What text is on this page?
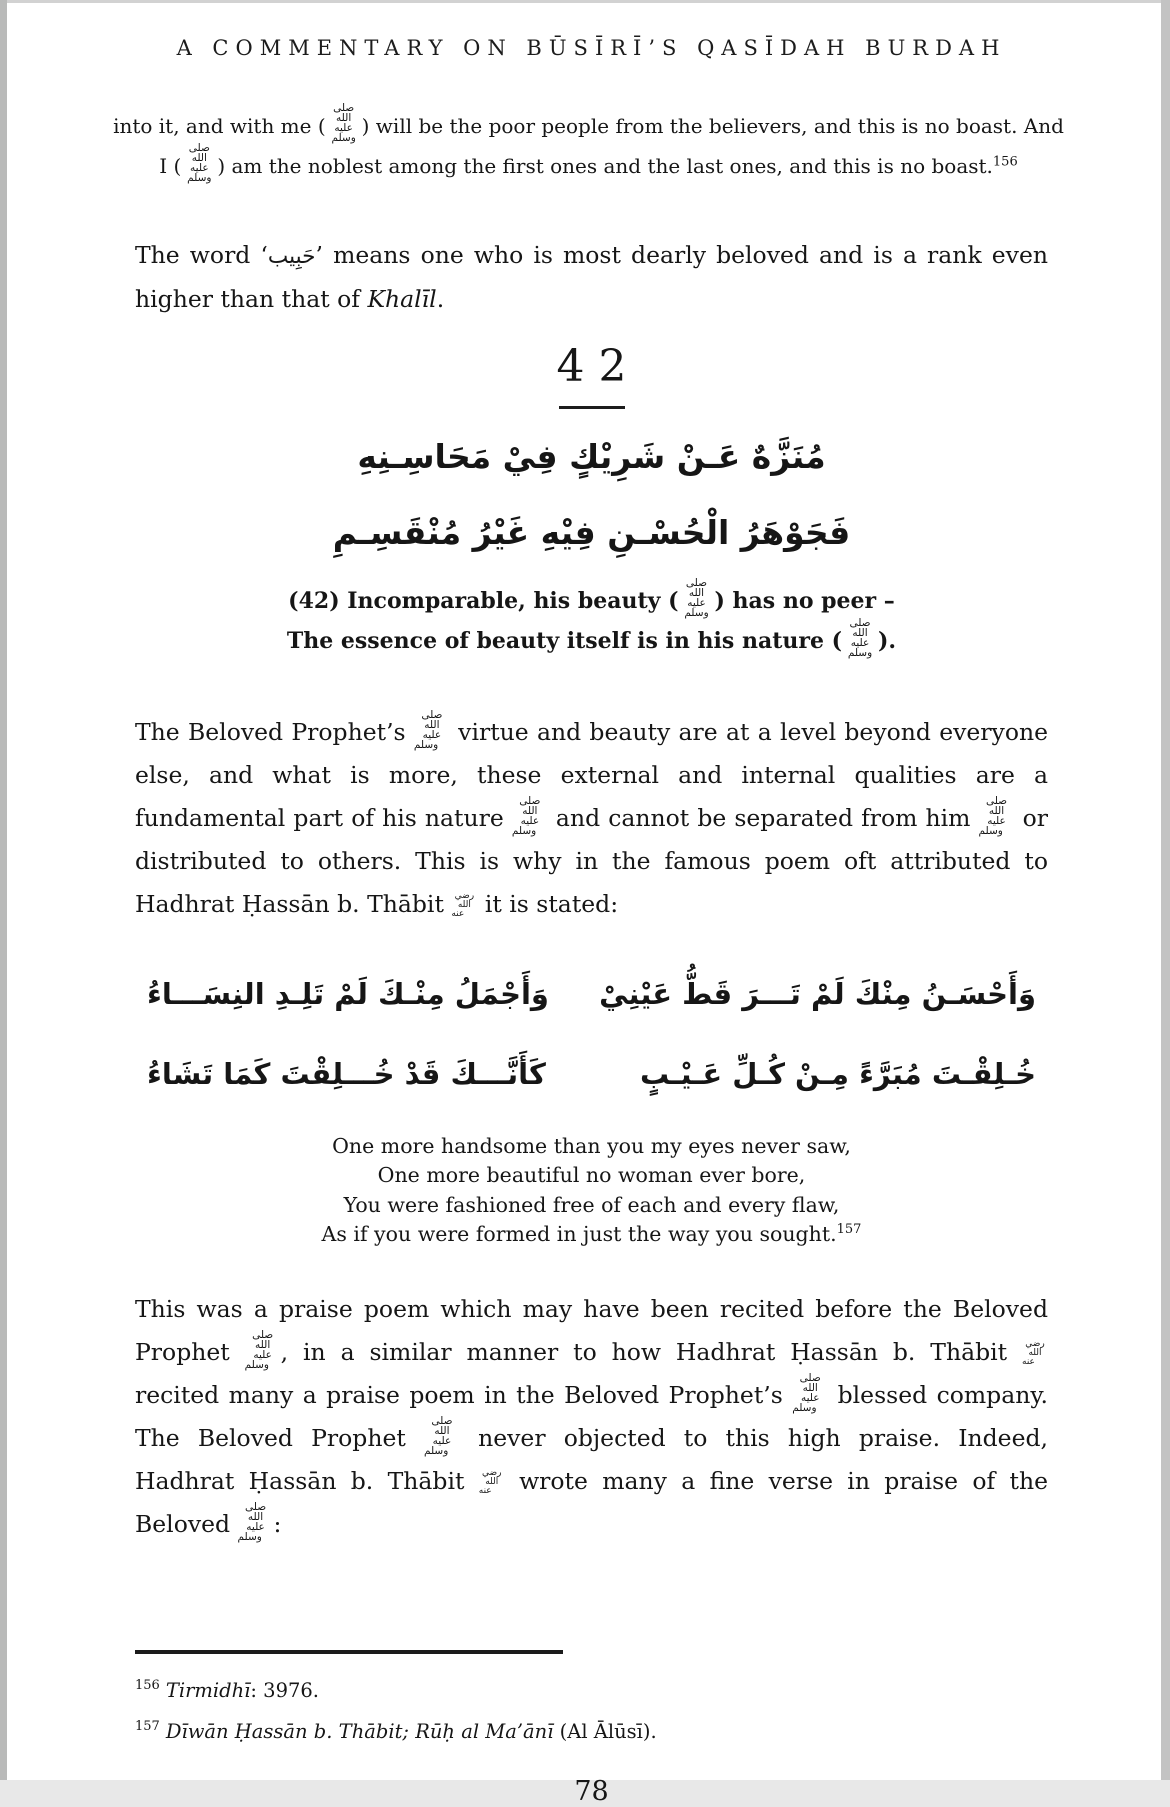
A COMMENTARY ON BŪSĪRĪ’S QASĪDAH BURDAH

into it, and with me (صلى الله عليه وسلم ) will be the poor people from the believers, and this is no boast. And I (صلى الله عليه وسلم ) am the noblest among the first ones and the last ones, and this is no boast.$^{156}$

The word ‘حَبِيب’ means one who is most dearly beloved and is a rank even higher than that of Khalīl.

42
مُنَزَّهٌ عَـنْ شَرِيْكٍ فِيْ مَحَاسِـنِهِ
فَجَوْهَرُ الْحُسْـنِ فِيْهِ غَيْرُ مُنْقَسِـمِ
(42) Incomparable, his beauty (صلى الله عليه وسلم ) has no peer –
The essence of beauty itself is in his nature (صلى الله عليه وسلم ).

The Beloved Prophet’s صلى الله عليه وسلم virtue and beauty are at a level beyond everyone else, and what is more, these external and internal qualities are a fundamental part of his nature صلى الله عليه وسلم and cannot be separated from him صلى الله عليه وسلم or distributed to others. This is why in the famous poem oft attributed to Hadhrat Ḥassān b. Thābit رضي الله عنه it is stated:

وَأَحْسَـنُ مِنْكَ لَمْ تَـــرَ قَطُّ عَيْنِيْ
وَأَجْمَلُ مِنْـكَ لَمْ تَلِـدِ النِسَـــاءُ
خُـلِقْـتَ مُبَرَّءً مِـنْ كُـلِّ عَـيْـبٍ
كَأَنَّـــكَ قَدْ خُـــلِقْتَ كَمَا تَشَاءُ
One more handsome than you my eyes never saw,
One more beautiful no woman ever bore,
You were fashioned free of each and every flaw,
As if you were formed in just the way you sought.$^{157}$

This was a praise poem which may have been recited before the Beloved Prophet صلى الله عليه وسلم , in a similar manner to how Hadhrat Ḥassān b. Thābit رضي الله عنه recited many a praise poem in the Beloved Prophet’s صلى الله عليه وسلم blessed company. The Beloved Prophet صلى الله عليه وسلم never objected to this high praise. Indeed, Hadhrat Ḥassān b. Thābit رضي الله عنه wrote many a fine verse in praise of the Beloved صلى الله عليه وسلم :

$^{156}$ Tirmidhī: 3976.
$^{157}$ Dīwān Ḥassān b. Thābit; Rūḥ al Ma’ānī (Al Ālūsī).
78
